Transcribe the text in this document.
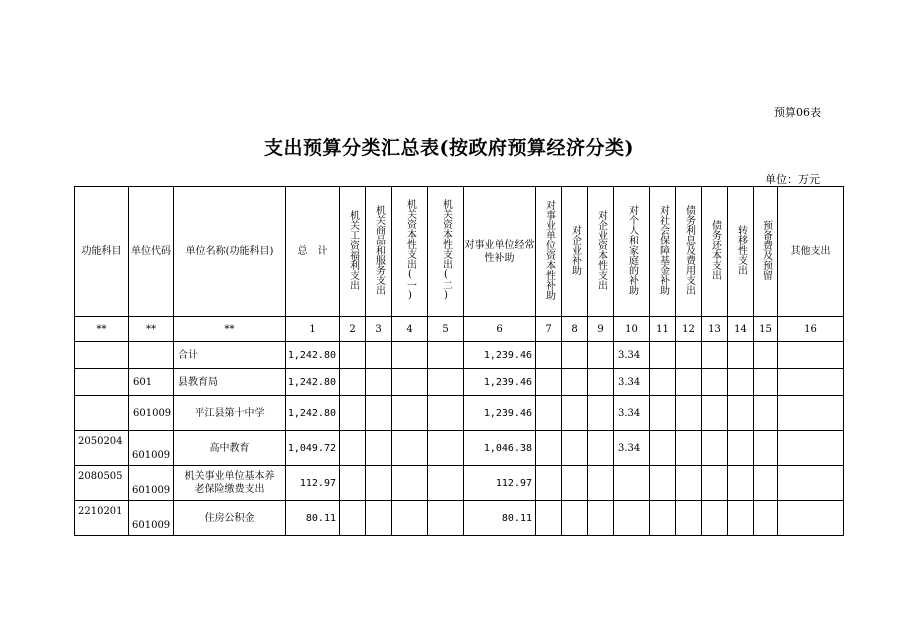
预算06表
支出预算分类汇总表(按政府预算经济分类)
单位：万元
功能科目	单位代码	单位名称(功能科目)	总　计	机关工资福利支出	机关商品和服务支出	机关资本性支出(一)	机关资本性支出(二)	对事业单位经常性补助	对事业单位资本性补助	对企业补助	对企业资本性支出	对个人和家庭的补助	对社会保障基金补助	债务利息及费用支出	债务还本支出	转移性支出	预备费及预留	其他支出
**	**	**	1	2	3	4	5	6	7	8	9	10	11	12	13	14	15	16
		合计	1,242.80					1,239.46				3.34						
	601	县教育局	1,242.80					1,239.46				3.34						
	601009	平江县第十中学	1,242.80					1,239.46				3.34						
2050204	601009	高中教育	1,049.72					1,046.38				3.34						
2080505	601009	机关事业单位基本养老保险缴费支出	112.97					112.97										
2210201	601009	住房公积金	80.11					80.11										
